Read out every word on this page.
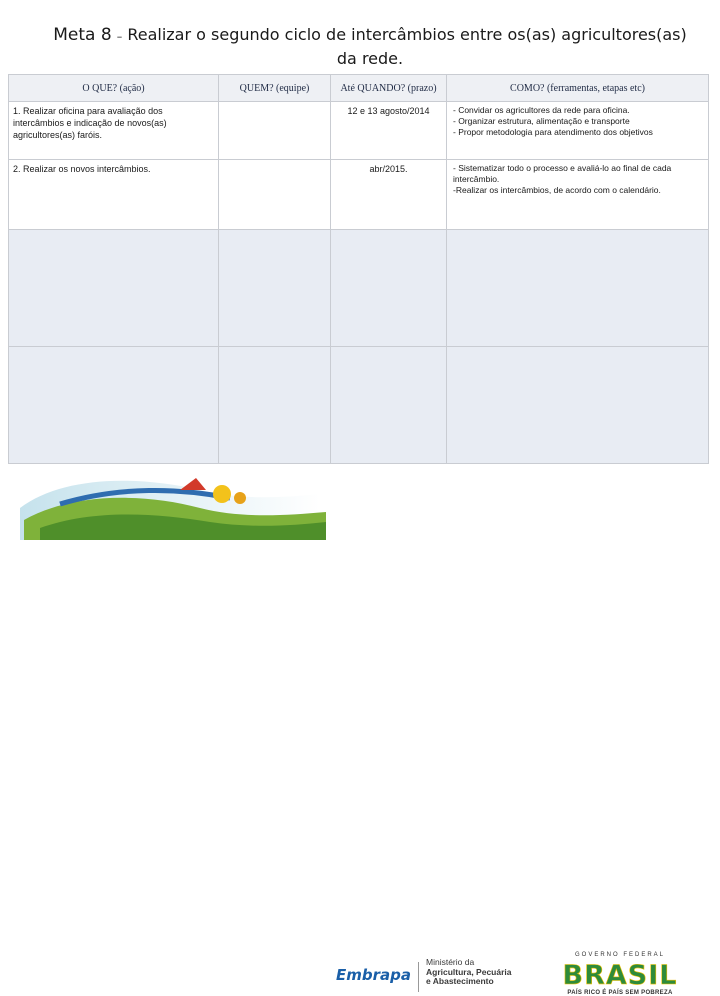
Meta 8 – Realizar o segundo ciclo de intercâmbios entre os(as) agricultores(as)
da rede.
O QUE? (ação)	QUEM? (equipe)	Até QUANDO? (prazo)	COMO? (ferramentas, etapas etc)

1. Realizar oficina para avaliação dos intercâmbios e indicação de novos(as) agricultores(as) faróis.		12 e 13 agosto/2014	- Convidar os agricultores da rede para oficina.
- Organizar estrutura, alimentação e transporte
- Propor metodologia para atendimento dos objetivos

2. Realizar os novos intercâmbios.		abr/2015.	- Sistematizar todo o processo e avaliá-lo ao final de cada intercâmbio.
-Realizar os intercâmbios, de acordo com o calendário.

Embrapa
Ministério da
Agricultura, Pecuária
e Abastecimento
GOVERNO FEDERAL
BRASIL
PAÍS RICO É PAÍS SEM POBREZA
